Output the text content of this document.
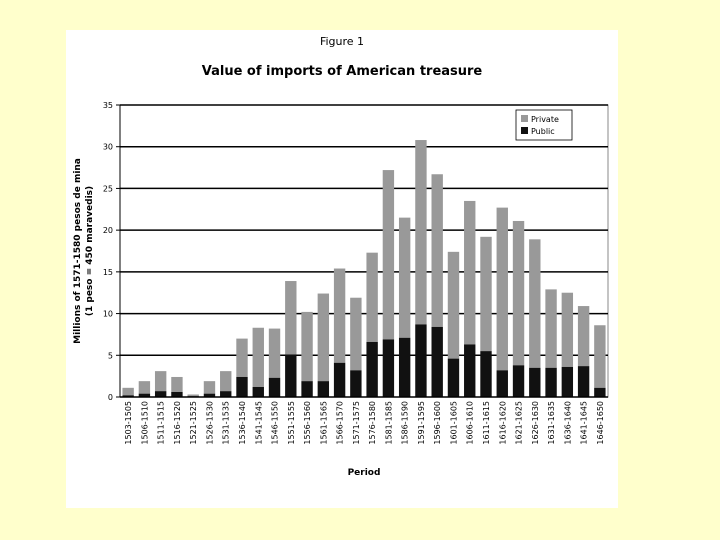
Figure 1
Value of imports of American treasure
0
5
10
15
20
25
30
35
1503-1505 1506-1510 1511-1515 1516-1520 1521-1525 1526-1530 1531-1535 1536-1540 1541-1545 1546-1550 1551-1555 1556-1560 1561-1565 1566-1570 1571-1575 1576-1580 1581-1585 1586-1590 1591-1595 1596-1600 1601-1605 1606-1610 1611-1615 1616-1620 1621-1625 1626-1630 1631-1635 1636-1640 1641-1645 1646-1650
Period
Millions of 1571-1580 pesos de mina (1 peso = 450 maravedis)
Private
Public
